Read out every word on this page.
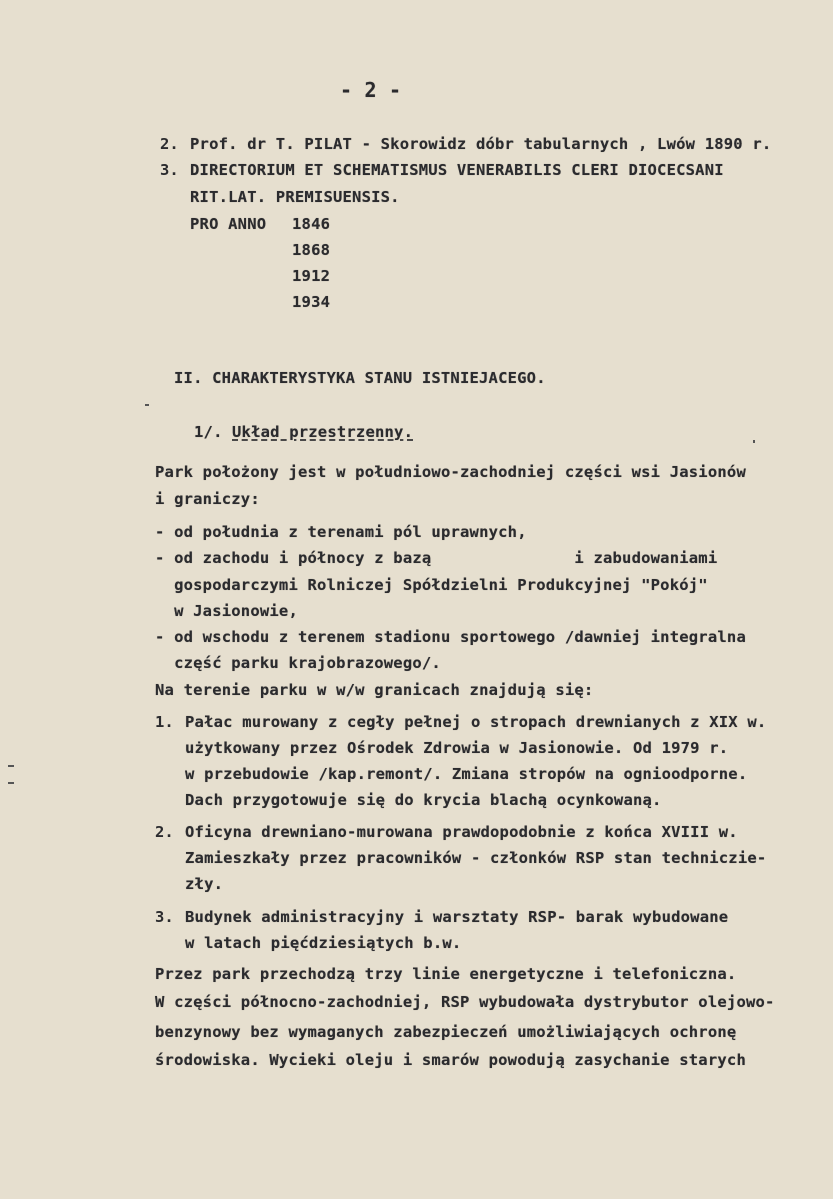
- 2 -
2. Prof. dr T. PILAT - Skorowidz dóbr tabularnych , Lwów 1890 r.
3. DIRECTORIUM ET SCHEMATISMUS VENERABILIS CLERI DIOCECSANI
RIT.LAT. PREMISUENSIS.
PRO ANNO 1846
1868
1912
1934
II. CHARAKTERYSTYKA STANU ISTNIEJACEGO.
1/. Układ przestrzenny.
Park położony jest w południowo-zachodniej części wsi Jasionów
i graniczy:
- od południa z terenami pól uprawnych,
- od zachodu i północy z bazą               i zabudowaniami
gospodarczymi Rolniczej Spółdzielni Produkcyjnej "Pokój"
w Jasionowie,
- od wschodu z terenem stadionu sportowego /dawniej integralna
część parku krajobrazowego/.
Na terenie parku w w/w granicach znajdują się:
1. Pałac murowany z cegły pełnej o stropach drewnianych z XIX w.
użytkowany przez Ośrodek Zdrowia w Jasionowie. Od 1979 r.
w przebudowie /kap.remont/. Zmiana stropów na ognioodporne.
Dach przygotowuje się do krycia blachą ocynkowaną.
2. Oficyna drewniano-murowana prawdopodobnie z końca XVIII w.
Zamieszkały przez pracowników - członków RSP stan techniczie-
zły.
3. Budynek administracyjny i warsztaty RSP- barak wybudowane
w latach pięćdziesiątych b.w.
Przez park przechodzą trzy linie energetyczne i telefoniczna.
W części północno-zachodniej, RSP wybudowała dystrybutor olejowo-
benzynowy bez wymaganych zabezpieczeń umożliwiających ochronę
środowiska. Wycieki oleju i smarów powodują zasychanie starych
